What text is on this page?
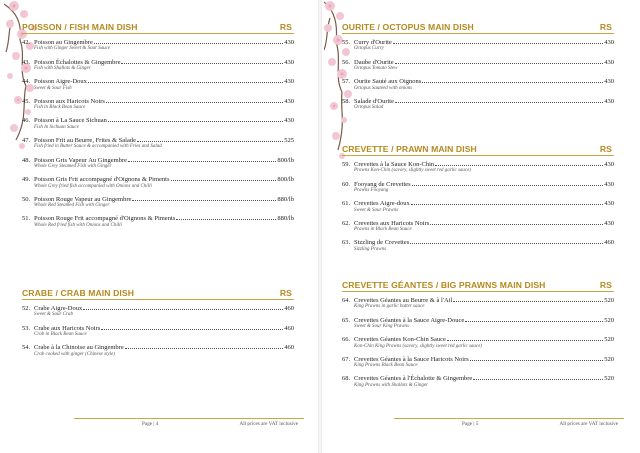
POISSON / FISH MAIN DISH	RS
42. Poisson au Gingembre	430
Fish with Ginger Sweet & Sour Sauce
43. Poisson Échalottes & Gingembre	430
Fish with Shallots & Ginger
44. Poisson Aigre-Doux	430
Sweet & Sour Fish
45. Poisson aux Haricots Noirs	430
Fish in Black Bean Sauce
46. Poisson à La Sauce Sichuan	430
Fish In Sichuan Sauce
47. Poisson Frit au Beurre, Frites & Salade	525
Fish fried in Butter Sauce & accompanied with Fries and Salad
48. Poisson Gris Vapeur Au Gingembre	800/lb
Whole Grey Steamed Fish with Ginger
49. Poisson Gris Frit accompagné d'Oignons & Piments	800/lb
Whole Grey fried fish accompanied with Onions and Chilli
50. Poisson Rouge Vapeur au Gingembre	880/lb
Whole Red Steamed Fish with Ginger
51. Poisson Rouge Frit accompagné d'Oignons & Piments	880/lb
Whole Red fried fish with Onions and Chilli
CRABE / CRAB MAIN DISH	RS
52. Crabe Aigre-Doux	460
Sweet & Sour Crab
53. Crabe aux Haricots Noirs	460
Crab in Black Bean Sauce
54. Crabe à la Chinoise au Gingembre	460
Crab cooked with ginger (Chinese style)
Page | 4	All prices are VAT inclusive
OURITE / OCTOPUS MAIN DISH	RS
55. Curry d'Ourite	430
Octopus Curry
56. Daube d'Ourite	430
Octopus Tomato Stew
57. Ourite Sauté aux Oignons	430
Octopus Sautéed with onions
58. Salade d'Ourite	430
Octopus Salad
CREVETTE / PRAWN MAIN DISH	RS
59. Crevettes à la Sauce Kon-Chin	430
Prawns Kon-Chin (savory, slightly sweet red garlic sauce)
60. Fooyang de Crevettes	430
Prawns Fooyang
61. Crevettes Aigre-doux	430
Sweet & Sour Prawns
62. Crevettes aux Haricots Noirs	430
Prawns in Black Bean Sauce
63. Sizzling de Crevettes	460
Sizzling Prawns
CREVETTE GÉANTES / BIG PRAWNS MAIN DISH	RS
64. Crevettes Géantes au Beurre & à l'Ail	520
King Prawns in garlic butter sauce
65. Crevettes Géantes à la Sauce Aigre-Douce	520
Sweet & Sour King Prawns
66. Crevettes Géantes Kon-Chin Sauce	520
Kon-Chin King Prawns (savory, slightly sweet red garlic sauce)
67. Crevettes Géantes à la Sauce Haricots Noirs	520
King Prawns Black Bean Sauce
68. Crevettes Géantes à l'Échalotte & Gingembre	520
King Prawns with Shallots & Ginger
Page | 5	All prices are VAT inclusive
